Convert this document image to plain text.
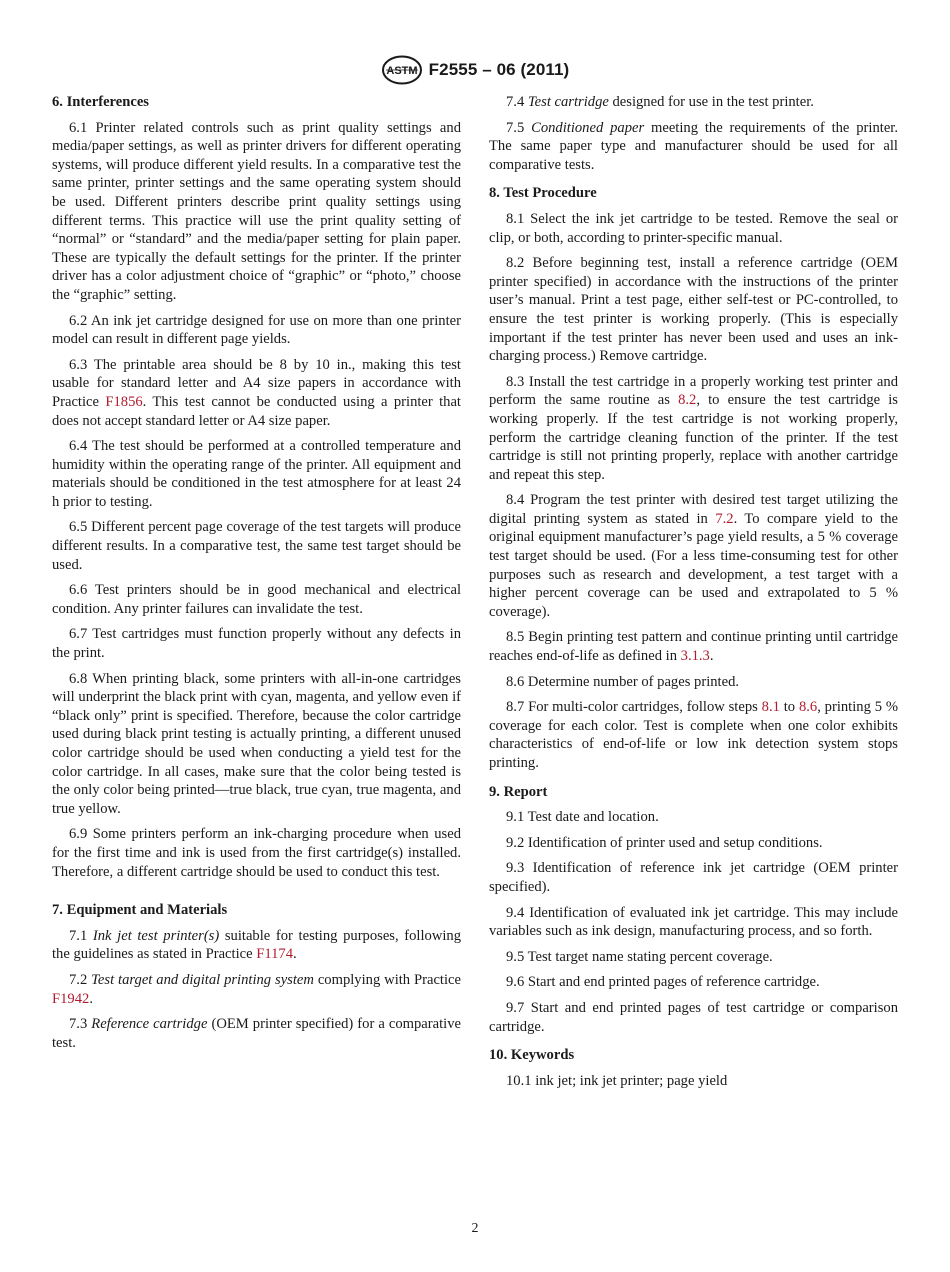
ASTM F2555 – 06 (2011)
6. Interferences

6.1 Printer related controls such as print quality settings and media/paper settings, as well as printer drivers for different operating systems, will produce different yield results. In a comparative test the same printer, printer settings and the same operating system should be used. Different printers describe print quality settings using different terms. This practice will use the print quality setting of “normal” or “standard” and the media/paper setting for plain paper. These are typically the default settings for the printer. If the printer driver has a color adjustment choice of “graphic” or “photo,” choose the “graphic” setting.

6.2 An ink jet cartridge designed for use on more than one printer model can result in different page yields.

6.3 The printable area should be 8 by 10 in., making this test usable for standard letter and A4 size papers in accordance with Practice F1856. This test cannot be conducted using a printer that does not accept standard letter or A4 size paper.

6.4 The test should be performed at a controlled temperature and humidity within the operating range of the printer. All equipment and materials should be conditioned in the test atmosphere for at least 24 h prior to testing.

6.5 Different percent page coverage of the test targets will produce different results. In a comparative test, the same test target should be used.

6.6 Test printers should be in good mechanical and electrical condition. Any printer failures can invalidate the test.

6.7 Test cartridges must function properly without any defects in the print.

6.8 When printing black, some printers with all-in-one cartridges will underprint the black print with cyan, magenta, and yellow even if “black only” print is specified. Therefore, because the color cartridge used during black print testing is actually printing, a different unused color cartridge should be used when conducting a yield test for the color cartridge. In all cases, make sure that the color being tested is the only color being printed—true black, true cyan, true magenta, and true yellow.

6.9 Some printers perform an ink-charging procedure when used for the first time and ink is used from the first cartridge(s) installed. Therefore, a different cartridge should be used to conduct this test.

7. Equipment and Materials

7.1 Ink jet test printer(s) suitable for testing purposes, following the guidelines as stated in Practice F1174.

7.2 Test target and digital printing system complying with Practice F1942.

7.3 Reference cartridge (OEM printer specified) for a comparative test.

7.4 Test cartridge designed for use in the test printer.

7.5 Conditioned paper meeting the requirements of the printer. The same paper type and manufacturer should be used for all comparative tests.

8. Test Procedure

8.1 Select the ink jet cartridge to be tested. Remove the seal or clip, or both, according to printer-specific manual.

8.2 Before beginning test, install a reference cartridge (OEM printer specified) in accordance with the instructions of the printer user’s manual. Print a test page, either self-test or PC-controlled, to ensure the test printer is working properly. (This is especially important if the test printer has never been used and uses an ink-charging process.) Remove cartridge.

8.3 Install the test cartridge in a properly working test printer and perform the same routine as 8.2, to ensure the test cartridge is working properly. If the test cartridge is not working properly, perform the cartridge cleaning function of the printer. If the test cartridge is still not printing properly, replace with another cartridge and repeat this step.

8.4 Program the test printer with desired test target utilizing the digital printing system as stated in 7.2. To compare yield to the original equipment manufacturer’s page yield results, a 5 % coverage test target should be used. (For a less time-consuming test for other purposes such as research and development, a test target with a higher percent coverage can be used and extrapolated to 5 % coverage).

8.5 Begin printing test pattern and continue printing until cartridge reaches end-of-life as defined in 3.1.3.

8.6 Determine number of pages printed.

8.7 For multi-color cartridges, follow steps 8.1 to 8.6, printing 5 % coverage for each color. Test is complete when one color exhibits characteristics of end-of-life or low ink detection system stops printing.

9. Report

9.1 Test date and location.

9.2 Identification of printer used and setup conditions.

9.3 Identification of reference ink jet cartridge (OEM printer specified).

9.4 Identification of evaluated ink jet cartridge. This may include variables such as ink design, manufacturing process, and so forth.

9.5 Test target name stating percent coverage.

9.6 Start and end printed pages of reference cartridge.

9.7 Start and end printed pages of test cartridge or comparison cartridge.

10. Keywords

10.1 ink jet; ink jet printer; page yield

2
